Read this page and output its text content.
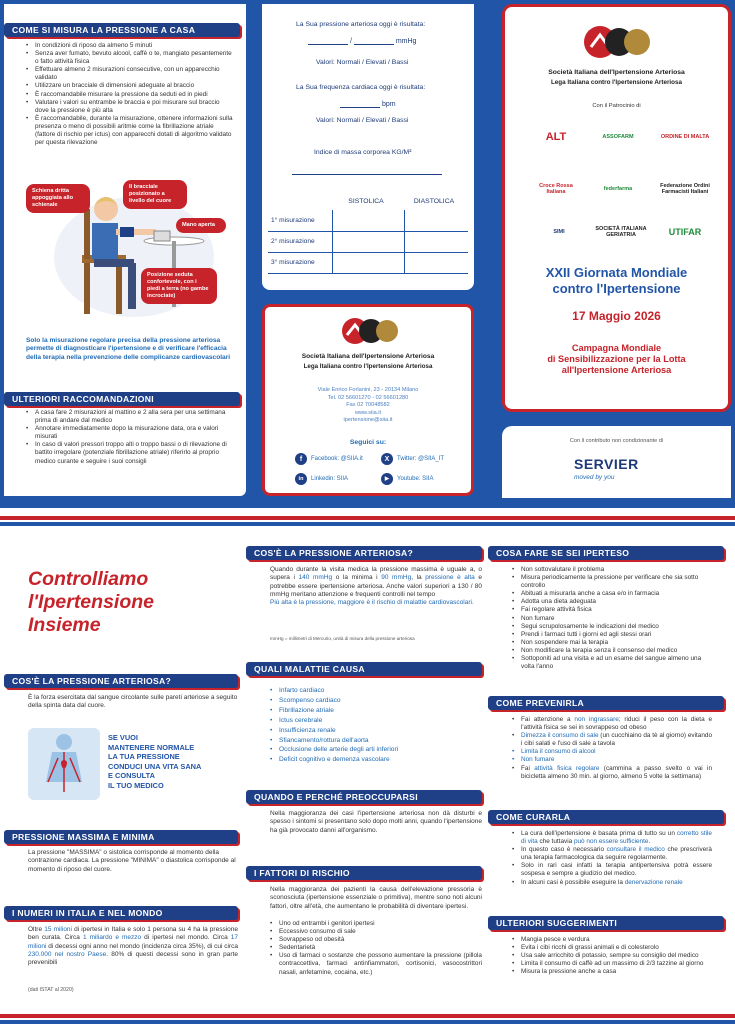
COME SI MISURA LA PRESSIONE A CASA
• In condizioni di riposo da almeno 5 minuti
• Senza aver fumato, bevuto alcool, caffè o te, mangiato pesantemente o fatto attività fisica
• Effettuare almeno 2 misurazioni consecutive, con un apparecchio validato
• Utilizzare un bracciale di dimensioni adeguate al braccio
• È raccomandabile misurare la pressione da seduti ed in piedi
• Valutare i valori su entrambe le braccia e poi misurare sul braccio dove la pressione è più alta
• È raccomandabile, durante la misurazione, ottenere informazioni sulla presenza o meno di possibili aritmie come la fibrillazione atriale (fattore di rischio per ictus) con apparecchi dotati di algoritmo validato per questa rilevazione
Schiena dritta appoggiata allo schienale
Il bracciale posizionato a livello del cuore
Mano aperta
Posizione seduta confortevole, con i piedi a terra (no gambe incrociate)
Solo la misurazione regolare precisa della pressione arteriosa permette di diagnosticare l'ipertensione e di verificare l'efficacia della terapia nella prevenzione delle complicanze cardiovascolari
ULTERIORI RACCOMANDAZIONI
• A casa fare 2 misurazioni al mattino e 2 alla sera per una settimana prima di andare dal medico
• Annotare immediatamente dopo la misurazione data, ora e valori misurati
• In caso di valori pressori troppo alti o troppo bassi o di rilevazione di battito irregolare (potenziale fibrillazione atriale) riferirlo al proprio medico curante e seguire i suoi consigli
La Sua pressione arteriosa oggi è risultata:
/	mmHg
Valori: Normali / Elevati / Bassi
La Sua frequenza cardiaca oggi è risultata:
bpm
Valori: Normali / Elevati / Bassi
Indice di massa corporea KG/M²
SISTOLICA	DIASTOLICA
1° misurazione		
2° misurazione		
3° misurazione		
Società Italiana dell'Ipertensione Arteriosa
Lega Italiana contro l'Ipertensione Arteriosa
Viale Enrico Forlanini, 23 - 20134 Milano
Tel. 02 56601270 - 02 56601280
Fax 02 70048582
www.siia.it
ipertensione@siia.it
Seguici su:
f	Facebook: @SIIA.it	X	Twitter: @SIIA_IT
in	Linkedin: SIIA	▶	Youtube: SIIA
Società Italiana dell'Ipertensione Arteriosa
Lega Italiana contro l'Ipertensione Arteriosa
Con il Patrocinio di
ALT	ASSOFARM	ORDINE DI MALTA
Croce Rossa Italiana	federfarma	Federazione Ordini Farmacisti Italiani
SIMI	SOCIETÀ ITALIANA GERIATRIA	UTIFAR
XXII Giornata Mondiale
contro l'Ipertensione
17 Maggio 2026
Campagna Mondiale
di Sensibilizzazione per la Lotta
all'Ipertensione Arteriosa
Con il contributo non condizionante di
SERVIER
moved by you
Controlliamo
l'Ipertensione
Insieme
COS'È LA PRESSIONE ARTERIOSA?
È la forza esercitata dal sangue circolante sulle pareti arteriose a seguito della spinta data dal cuore.
SE VUOI
MANTENERE NORMALE
LA TUA PRESSIONE
CONDUCI UNA VITA SANA
E CONSULTA
IL TUO MEDICO
PRESSIONE MASSIMA E MINIMA
La pressione "MASSIMA" o sistolica corrisponde al momento della contrazione cardiaca. La pressione "MINIMA" o diastolica corrisponde al momento di riposo del cuore.
I NUMERI IN ITALIA E NEL MONDO
Oltre 15 milioni di ipertesi in Italia e solo 1 persona su 4 ha la pressione ben curata. Circa 1 miliardo e mezzo di ipertesi nel mondo. Circa 17 milioni di decessi ogni anno nel mondo (incidenza circa 35%), di cui circa 230.000 nel nostro Paese. 80% di questi decessi sono in gran parte prevenibili
(dati ISTAT al 2020)
COS'È LA PRESSIONE ARTERIOSA?
Quando durante la visita medica la pressione massima è uguale a, o supera i 140 mmHg o la minima i 90 mmHg, la pressione è alta e potrebbe essere ipertensione arteriosa. Anche valori superiori a 130 / 80 mmHg meritano attenzione e frequenti controlli nel tempo
Più alta è la pressione, maggiore è il rischio di malattie cardiovascolari.
mmHg = millimetri di Mercurio, unità di misura della pressione arteriosa
QUALI MALATTIE CAUSA
• Infarto cardiaco
• Scompenso cardiaco
• Fibrillazione atriale
• Ictus cerebrale
• Insufficienza renale
• Sfiancamento/rottura dell'aorta
• Occlusione delle arterie degli arti inferiori
• Deficit cognitivo e demenza vascolare
QUANDO E PERCHÉ PREOCCUPARSI
Nella maggioranza dei casi l'ipertensione arteriosa non dà disturbi e spesso i sintomi si presentano solo dopo molti anni, quando l'ipertensione ha già provocato danni all'organismo.
I FATTORI DI RISCHIO
Nella maggioranza dei pazienti la causa dell'elevazione pressoria è sconosciuta (ipertensione essenziale o primitiva), mentre sono noti alcuni fattori, oltre all'età, che aumentano le probabilità di diventare ipertesi.
• Uno od entrambi i genitori ipertesi
• Eccessivo consumo di sale
• Sovrappeso od obesità
• Sedentarietà
• Uso di farmaci o sostanze che possono aumentare la pressione (pillola contraccettiva, farmaci antinfiammatori, cortisonici, vasocostrittori nasali, anfetamine, cocaina, etc.)
COSA FARE SE SEI IPERTESO
• Non sottovalutare il problema
• Misura periodicamente la pressione per verificare che sia sotto controllo
• Abituati a misurarla anche a casa e/o in farmacia
• Adotta una dieta adeguata
• Fai regolare attività fisica
• Non fumare
• Segui scrupolosamente le indicazioni del medico
• Prendi i farmaci tutti i giorni ed agli stessi orari
• Non sospendere mai la terapia
• Non modificare la terapia senza il consenso del medico
• Sottoponiti ad una visita e ad un esame del sangue almeno una volta l'anno
COME PREVENIRLA
• Fai attenzione a non ingrassare; riduci il peso con la dieta e l'attività fisica se sei in sovrappeso od obeso
• Dimezza il consumo di sale (un cucchiaino da tè al giorno) evitando i cibi salati e l'uso di sale a tavola
• Limita il consumo di alcool
• Non fumare
• Fai attività fisica regolare (cammina a passo svelto o vai in bicicletta almeno 30 min. al giorno, almeno 5 volte la settimana)
COME CURARLA
• La cura dell'ipertensione è basata prima di tutto su un corretto stile di vita che tuttavia può non essere sufficiente.
• In questo caso è necessario consultare il medico che prescriverà una terapia farmacologica da seguire regolarmente.
• Solo in rari casi infatti la terapia antipertensiva potrà essere sospesa e sempre a giudizio del medico.
• In alcuni casi è possibile eseguire la denervazione renale
ULTERIORI SUGGERIMENTI
• Mangia pesce e verdura
• Evita i cibi ricchi di grassi animali e di colesterolo
• Usa sale arricchito di potassio, sempre su consiglio del medico
• Limita il consumo di caffè ad un massimo di 2/3 tazzine al giorno
• Misura la pressione anche a casa
